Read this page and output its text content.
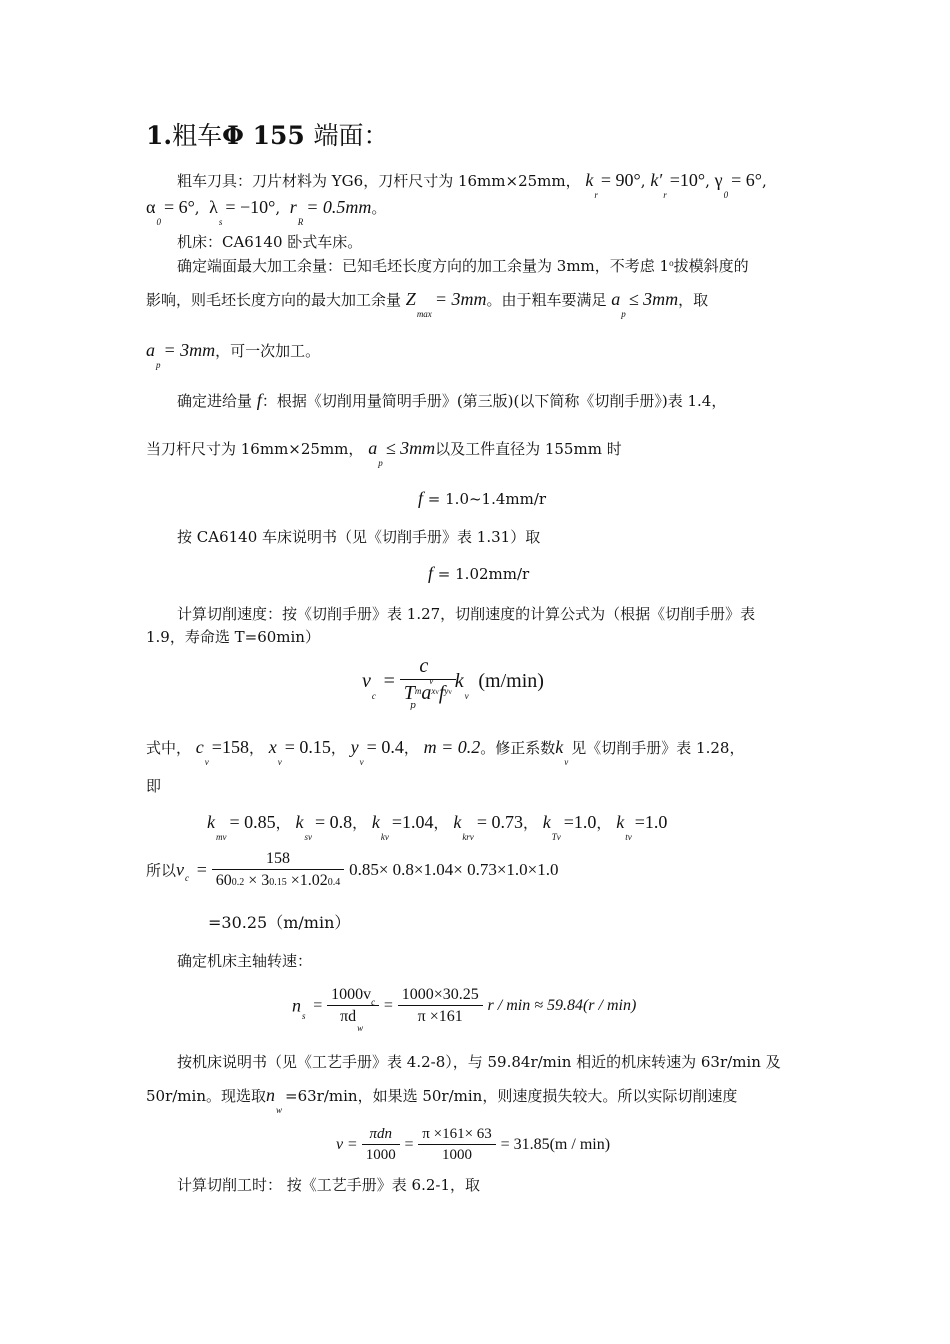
1.粗车Φ 155 端面：
粗车刀具：刀片材料为 YG6，刀杆尺寸为 16mm×25mm， $k_r= 90^\circ$, $k'_r=10^\circ$, $\gamma_0= 6^\circ$,
$\alpha_0= 6^\circ$,  $\lambda_s= -10^\circ$,  $r_R= 0.5mm$。
机床：CA6140 卧式车床。
确定端面最大加工余量：已知毛坯长度方向的加工余量为 3mm，不考虑 1$^o$拔模斜度的
影响，则毛坯长度方向的最大加工余量 $Z_{max}= 3mm$。由于粗车要满足 $a_p\le 3mm$，取
$a_p= 3mm$，可一次加工。
确定进给量 f：根据《切削用量简明手册》(第三版)(以下简称《切削手册》)表 1.4，
当刀杆尺寸为 16mm×25mm， $a_p\le 3mm$以及工件直径为 155mm 时
f = 1.0~1.4mm/r
按 CA6140 车床说明书（见《切削手册》表 1.31）取
f = 1.02mm/r
计算切削速度：按《切削手册》表 1.27，切削速度的计算公式为（根据《切削手册》表
1.9，寿命选 T=60min）
$v_c = c_v$
$T^ma^{xv}f^{yv}$
p
$k_v$ (m/min)
式中， $c_v=158$， $x_v= 0.15$， $y_v= 0.4$， m = 0.2。修正系数$k_v$见《切削手册》表 1.28，
即
$k_{mv}= 0.85$， $k_{sv}= 0.8$， $k_{kv}=1.04$， $k_{krv}= 0.73$， $k_{Tv}=1.0$， $k_{tv}=1.0$
所以$v_c = \frac{158}{600.2 \times 30.15 \times 1.020.4} 0.85\times 0.8\times 1.04\times 0.73\times 1.0\times 1.0$
=30.25（m/min）
确定机床主轴转速：
$n_s = \frac{1000v_c}{\pi d_w} = \frac{1000\times 30.25}{\pi \times 161}$ r / min ≈ 59.84(r / min)
按机床说明书（见《工艺手册》表 4.2-8），与 59.84r/min 相近的机床转速为 63r/min 及
50r/min。现选取$n_w=63r/\min$，如果选 50r/min，则速度损失较大。所以实际切削速度
$v = \frac{\text{πdn}}{1000} = \frac{\pi \times 161\times 63}{1000} = 31.85(m / \min)$
计算切削工时： 按《工艺手册》表 6.2-1，取
